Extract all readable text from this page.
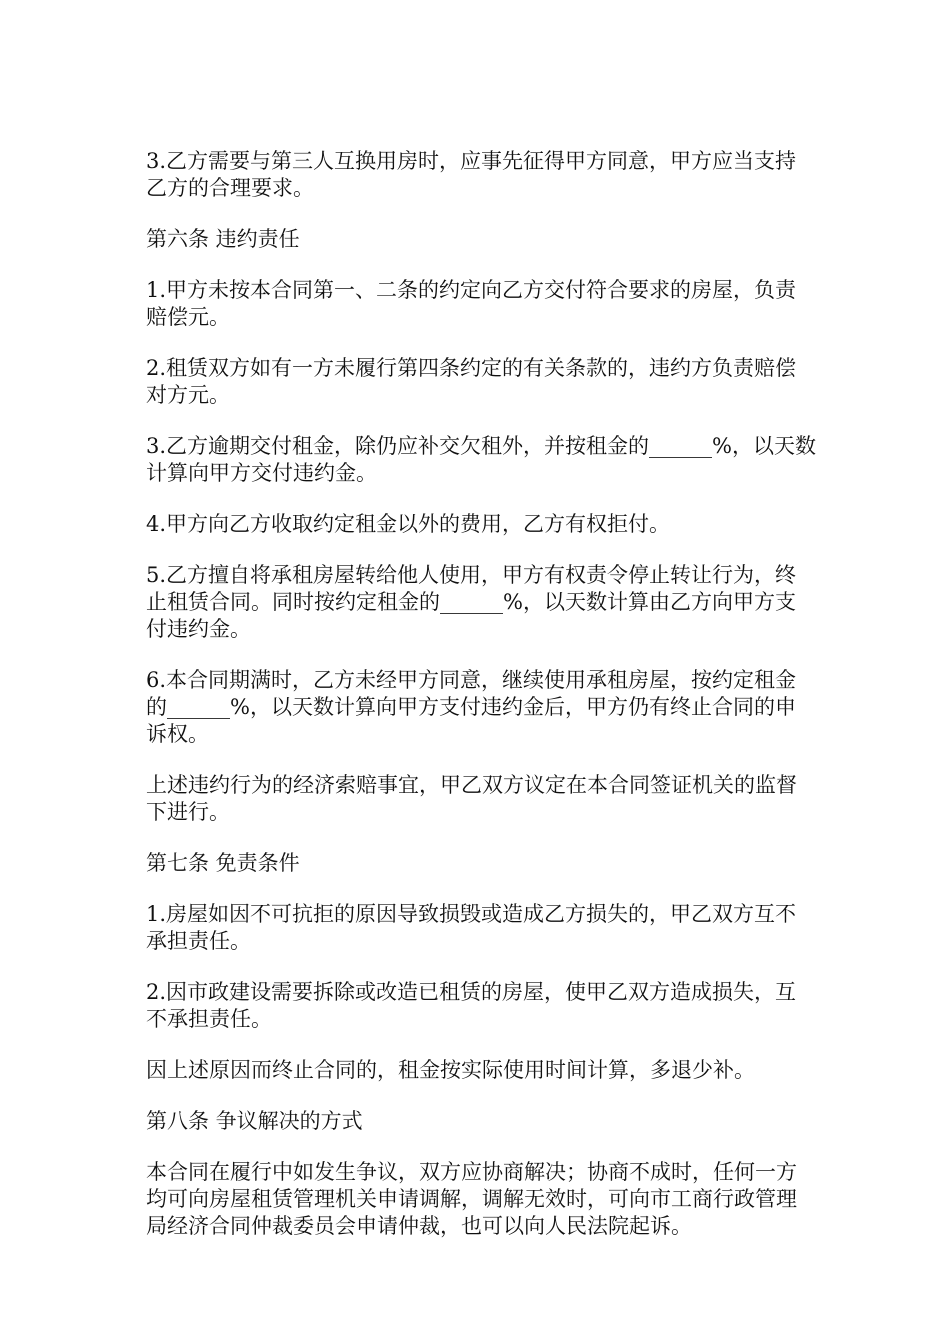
3.乙方需要与第三人互换用房时，应事先征得甲方同意，甲方应当支持乙方的合理要求。

第六条 违约责任

1.甲方未按本合同第一、二条的约定向乙方交付符合要求的房屋，负责赔偿元。

2.租赁双方如有一方未履行第四条约定的有关条款的，违约方负责赔偿对方元。

3.乙方逾期交付租金，除仍应补交欠租外，并按租金的______%，以天数计算向甲方交付违约金。

4.甲方向乙方收取约定租金以外的费用，乙方有权拒付。

5.乙方擅自将承租房屋转给他人使用，甲方有权责令停止转让行为，终止租赁合同。同时按约定租金的______%，以天数计算由乙方向甲方支付违约金。

6.本合同期满时，乙方未经甲方同意，继续使用承租房屋，按约定租金的______%，以天数计算向甲方支付违约金后，甲方仍有终止合同的申诉权。

上述违约行为的经济索赔事宜，甲乙双方议定在本合同签证机关的监督下进行。

第七条 免责条件

1.房屋如因不可抗拒的原因导致损毁或造成乙方损失的，甲乙双方互不承担责任。

2.因市政建设需要拆除或改造已租赁的房屋，使甲乙双方造成损失，互不承担责任。

因上述原因而终止合同的，租金按实际使用时间计算，多退少补。

第八条 争议解决的方式

本合同在履行中如发生争议，双方应协商解决；协商不成时，任何一方均可向房屋租赁管理机关申请调解，调解无效时，可向市工商行政管理局经济合同仲裁委员会申请仲裁，也可以向人民法院起诉。
